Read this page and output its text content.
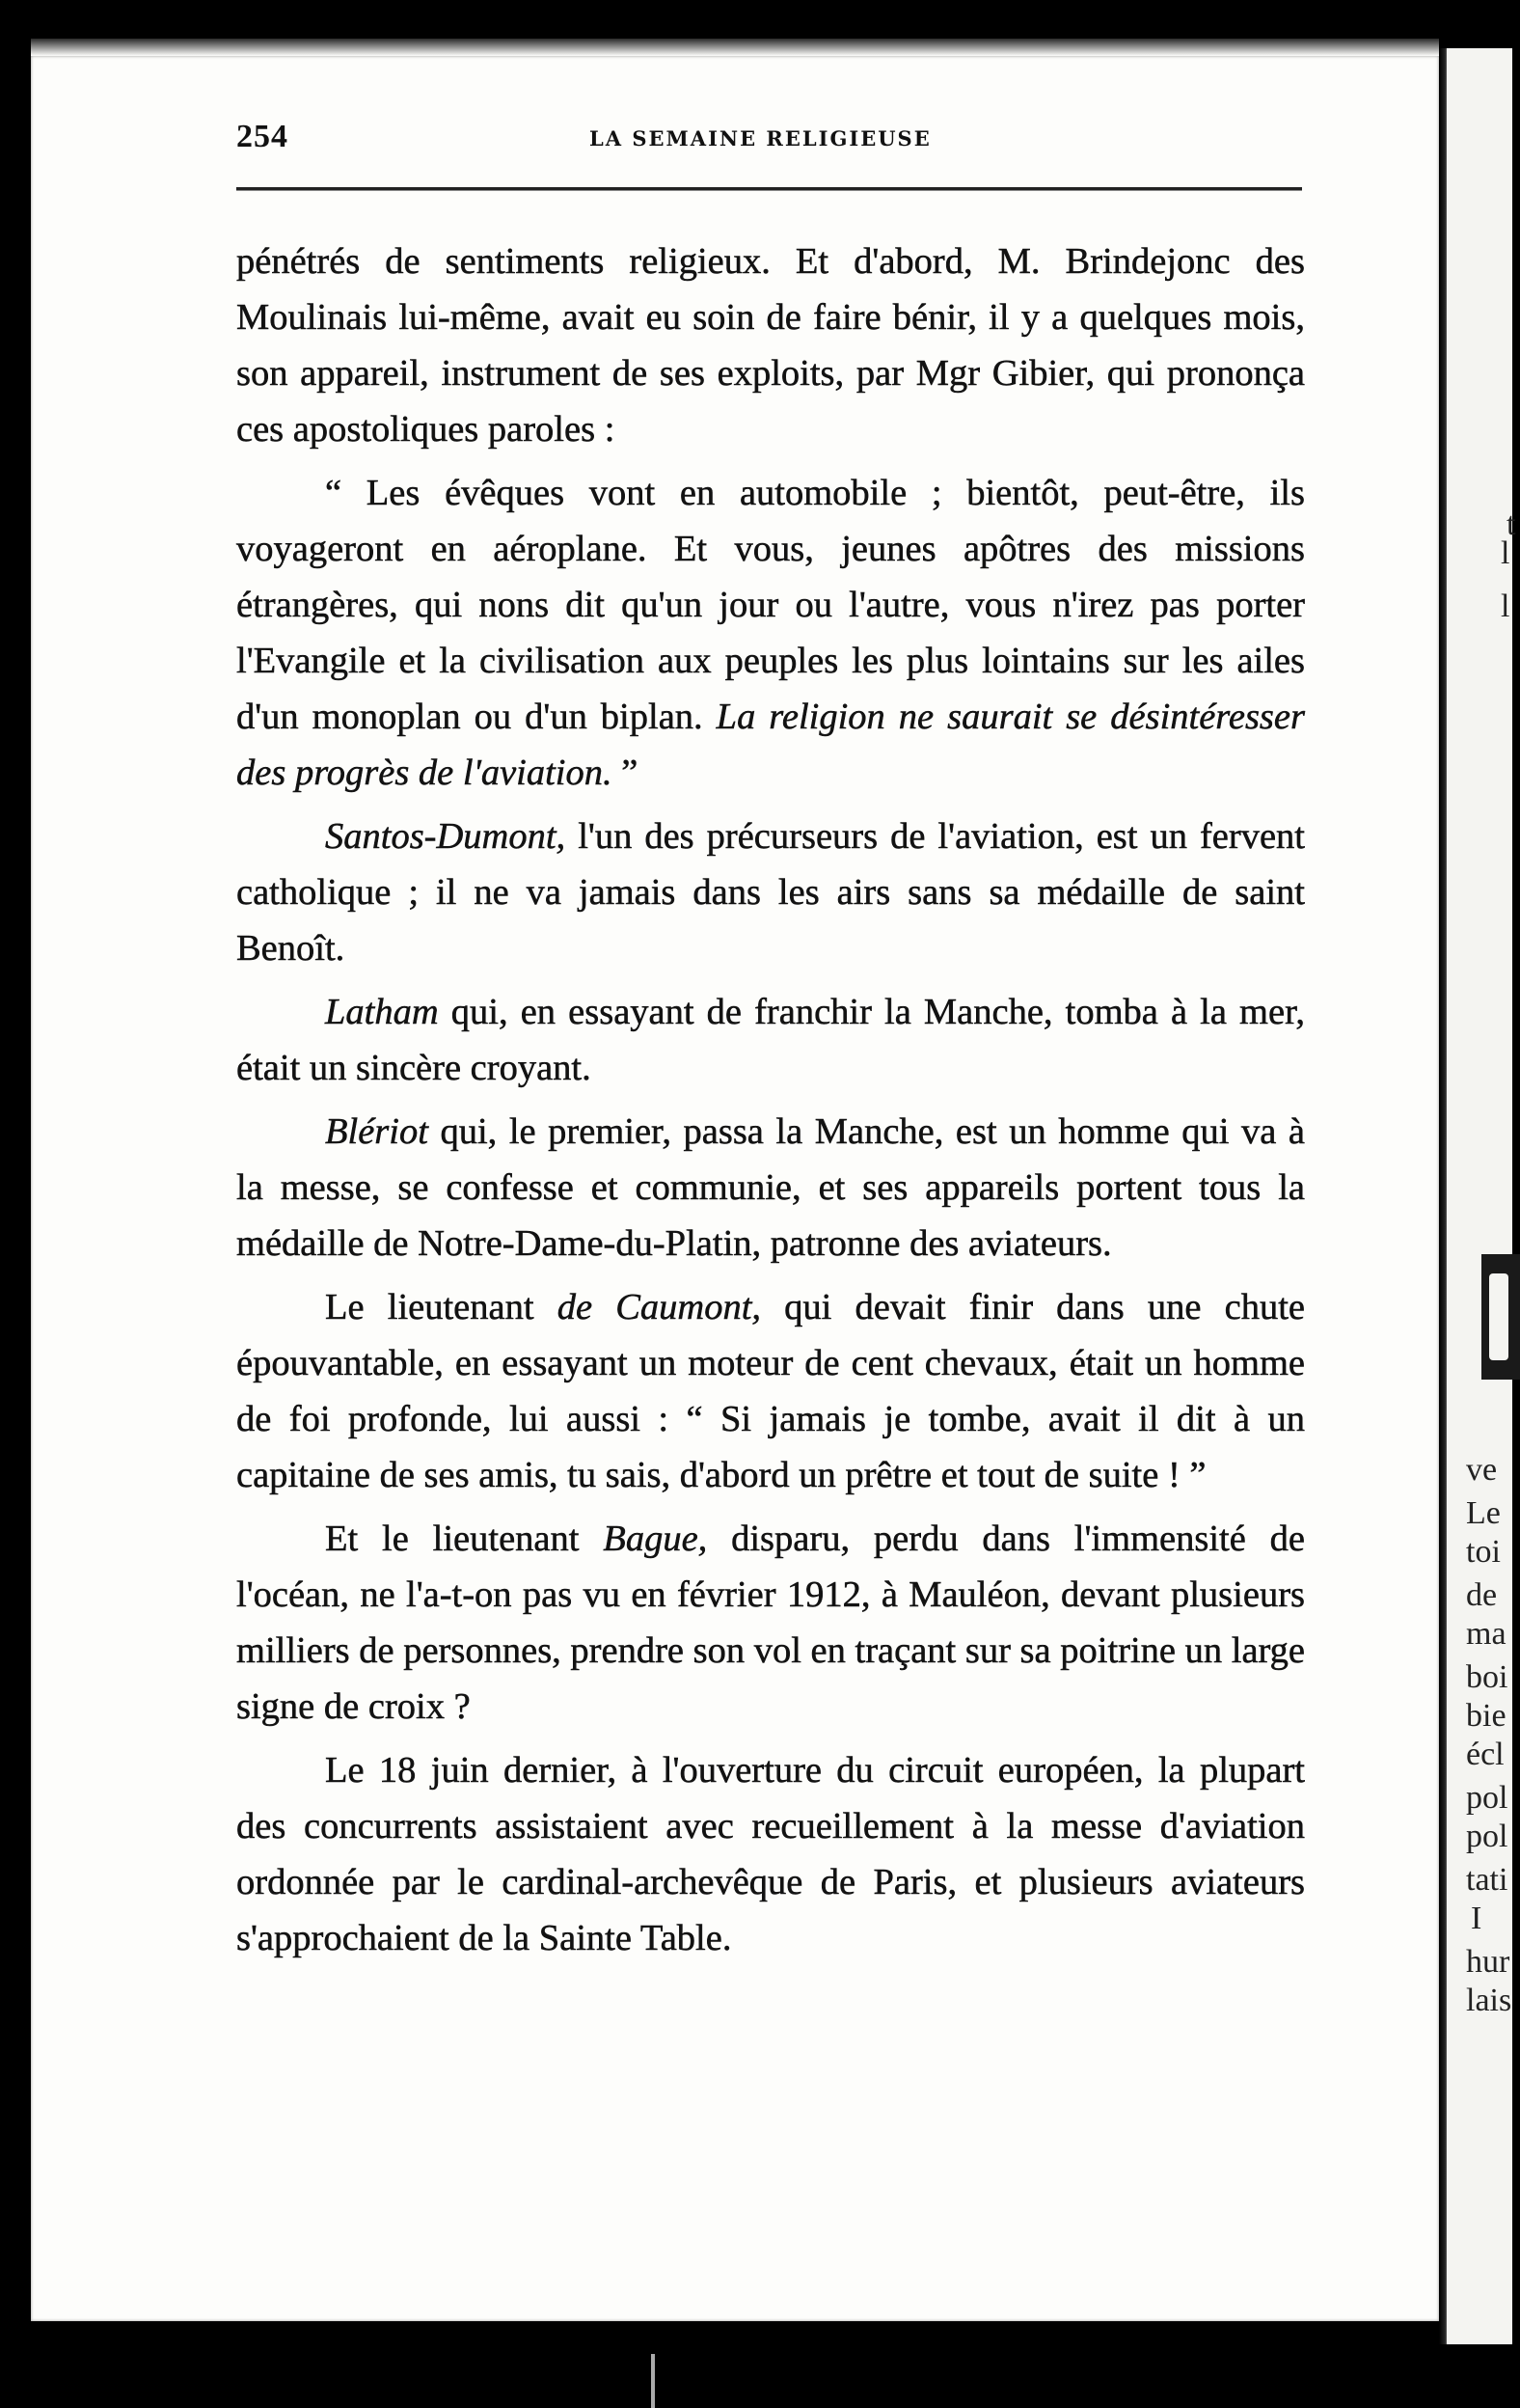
254	LA SEMAINE RELIGIEUSE

pénétrés de sentiments religieux. Et d'abord, M. Brindejonc des Moulinais lui-même, avait eu soin de faire bénir, il y a quelques mois, son appareil, instrument de ses exploits, par Mgr Gibier, qui prononça ces apostoliques paroles :

“ Les évêques vont en automobile ; bientôt, peut-être, ils voyageront en aéroplane. Et vous, jeunes apôtres des missions étrangères, qui nons dit qu'un jour ou l'autre, vous n'irez pas porter l'Evangile et la civilisation aux peuples les plus lointains sur les ailes d'un monoplan ou d'un biplan. La religion ne saurait se désintéresser des progrès de l'aviation. ”

Santos-Dumont, l'un des précurseurs de l'aviation, est un fervent catholique ; il ne va jamais dans les airs sans sa médaille de saint Benoît.

Latham qui, en essayant de franchir la Manche, tomba à la mer, était un sincère croyant.

Blériot qui, le premier, passa la Manche, est un homme qui va à la messe, se confesse et communie, et ses appareils portent tous la médaille de Notre-Dame-du-Platin, patronne des aviateurs.

Le lieutenant de Caumont, qui devait finir dans une chute épouvantable, en essayant un moteur de cent chevaux, était un homme de foi profonde, lui aussi : “ Si jamais je tombe, avait il dit à un capitaine de ses amis, tu sais, d'abord un prêtre et tout de suite ! ”

Et le lieutenant Bague, disparu, perdu dans l'immensité de l'océan, ne l'a-t-on pas vu en février 1912, à Mauléon, devant plusieurs milliers de personnes, prendre son vol en traçant sur sa poitrine un large signe de croix ?

Le 18 juin dernier, à l'ouverture du circuit européen, la plupart des concurrents assistaient avec recueillement à la messe d'aviation ordonnée par le cardinal-archevêque de Paris, et plusieurs aviateurs s'approchaient de la Sainte Table.

t
l
l
ve
Le
toi
de
ma
boi
bie
écl
pol
pol
tati
I
hur
lais
